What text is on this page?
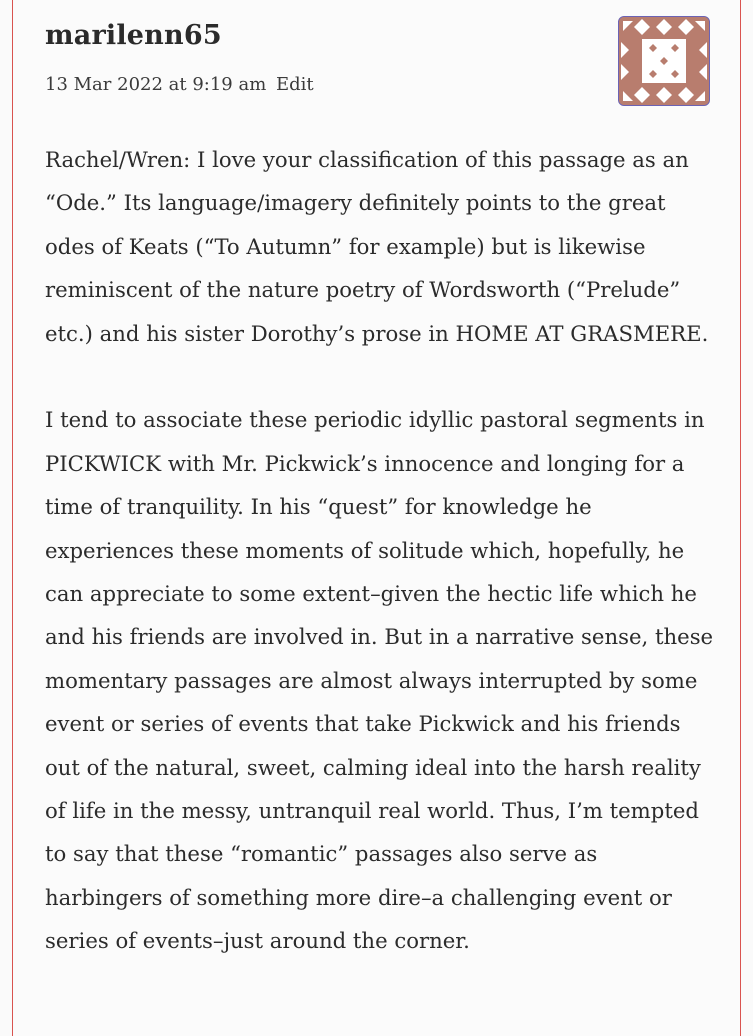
marilenn65
13 Mar 2022 at 9:19 am Edit

Rachel/Wren: I love your classification of this passage as an “Ode.” Its language/imagery definitely points to the great odes of Keats (“To Autumn” for example) but is likewise reminiscent of the nature poetry of Wordsworth (“Prelude” etc.) and his sister Dorothy’s prose in HOME AT GRASMERE.

I tend to associate these periodic idyllic pastoral segments in PICKWICK with Mr. Pickwick’s innocence and longing for a time of tranquility. In his “quest” for knowledge he experiences these moments of solitude which, hopefully, he can appreciate to some extent–given the hectic life which he and his friends are involved in. But in a narrative sense, these momentary passages are almost always interrupted by some event or series of events that take Pickwick and his friends out of the natural, sweet, calming ideal into the harsh reality of life in the messy, untranquil real world. Thus, I’m tempted to say that these “romantic” passages also serve as harbingers of something more dire–a challenging event or series of events–just around the corner.
